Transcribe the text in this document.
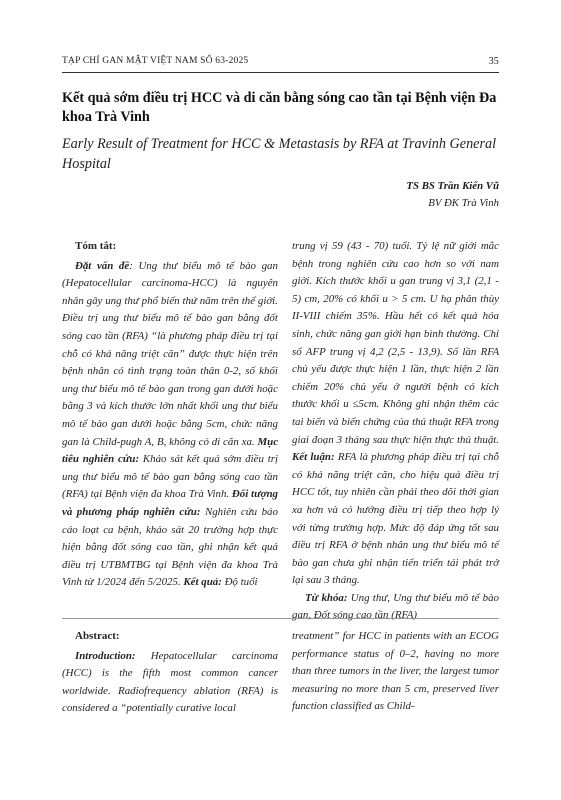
TẠP CHÍ GAN MẬT VIỆT NAM SỐ 63-2025	35
Kết quả sớm điều trị HCC và di căn bằng sóng cao tần tại Bệnh viện Đa khoa Trà Vinh
Early Result of Treatment for HCC & Metastasis by RFA at Travinh General Hospital
TS BS Trần Kiến Vũ
BV ĐK Trà Vinh
Tóm tắt:

Đặt vấn đề: Ung thư biểu mô tế bào gan (Hepatocellular carcinoma-HCC) là nguyên nhân gây ung thư phổ biến thứ năm trên thế giới. Điều trị ung thư biểu mô tế bào gan bằng đốt sóng cao tần (RFA) “là phương pháp điều trị tại chỗ có khả năng triệt căn” được thực hiện trên bệnh nhân có tình trạng toàn thân 0-2, số khối ung thư biểu mô tế bào gan trong gan dưới hoặc bằng 3 và kích thước lớn nhất khối ung thư biểu mô tế bào gan dưới hoặc bằng 5cm, chức năng gan là Child-pugh A, B, không có di căn xa. Mục tiêu nghiên cứu: Khảo sát kết quả sớm điều trị ung thư biểu mô tế bào gan bằng sóng cao tần (RFA) tại Bệnh viện đa khoa Trà Vinh. Đối tượng và phương pháp nghiên cứu: Nghiên cứu báo cáo loạt ca bệnh, khảo sát 20 trường hợp thực hiện bằng đốt sóng cao tần, ghi nhận kết quả điều trị UTBMTBG tại Bệnh viện đa khoa Trà Vinh từ 1/2024 đến 5/2025. Kết quả: Độ tuổi

trung vị 59 (43 - 70) tuổi. Tỷ lệ nữ giới mắc bệnh trong nghiên cứu cao hơn so với nam giới. Kích thước khối u gan trung vị 3,1 (2,1 - 5) cm, 20% có khối u > 5 cm. U hạ phân thùy II-VIII chiếm 35%. Hầu hết có kết quả hóa sinh, chức năng gan giới hạn bình thường. Chỉ số AFP trung vị 4,2 (2,5 - 13,9). Số lần RFA chủ yếu được thực hiện 1 lần, thực hiện 2 lần chiếm 20% chủ yếu ở người bệnh có kích thước khối u ≤5cm. Không ghi nhận thêm các tai biến và biến chứng của thủ thuật RFA trong giai đoạn 3 tháng sau thực hiện thực thủ thuật. Kết luận: RFA là phương pháp điều trị tại chỗ có khả năng triệt căn, cho hiệu quả điều trị HCC tốt, tuy nhiên cần phải theo dõi thời gian xa hơn và có hướng điều trị tiếp theo hợp lý với từng trường hợp. Mức độ đáp ứng tốt sau điều trị RFA ở bệnh nhân ung thư biểu mô tế bào gan chưa ghi nhận tiến triển tái phát trở lại sau 3 tháng.

Từ khóa: Ung thư, Ung thư biểu mô tế bào gan, Đốt sóng cao tần (RFA)

Abstract:

Introduction: Hepatocellular carcinoma (HCC) is the fifth most common cancer worldwide. Radiofrequency ablation (RFA) is considered a “potentially curative local

treatment” for HCC in patients with an ECOG performance status of 0–2, having no more than three tumors in the liver, the largest tumor measuring no more than 5 cm, preserved liver function classified as Child-
